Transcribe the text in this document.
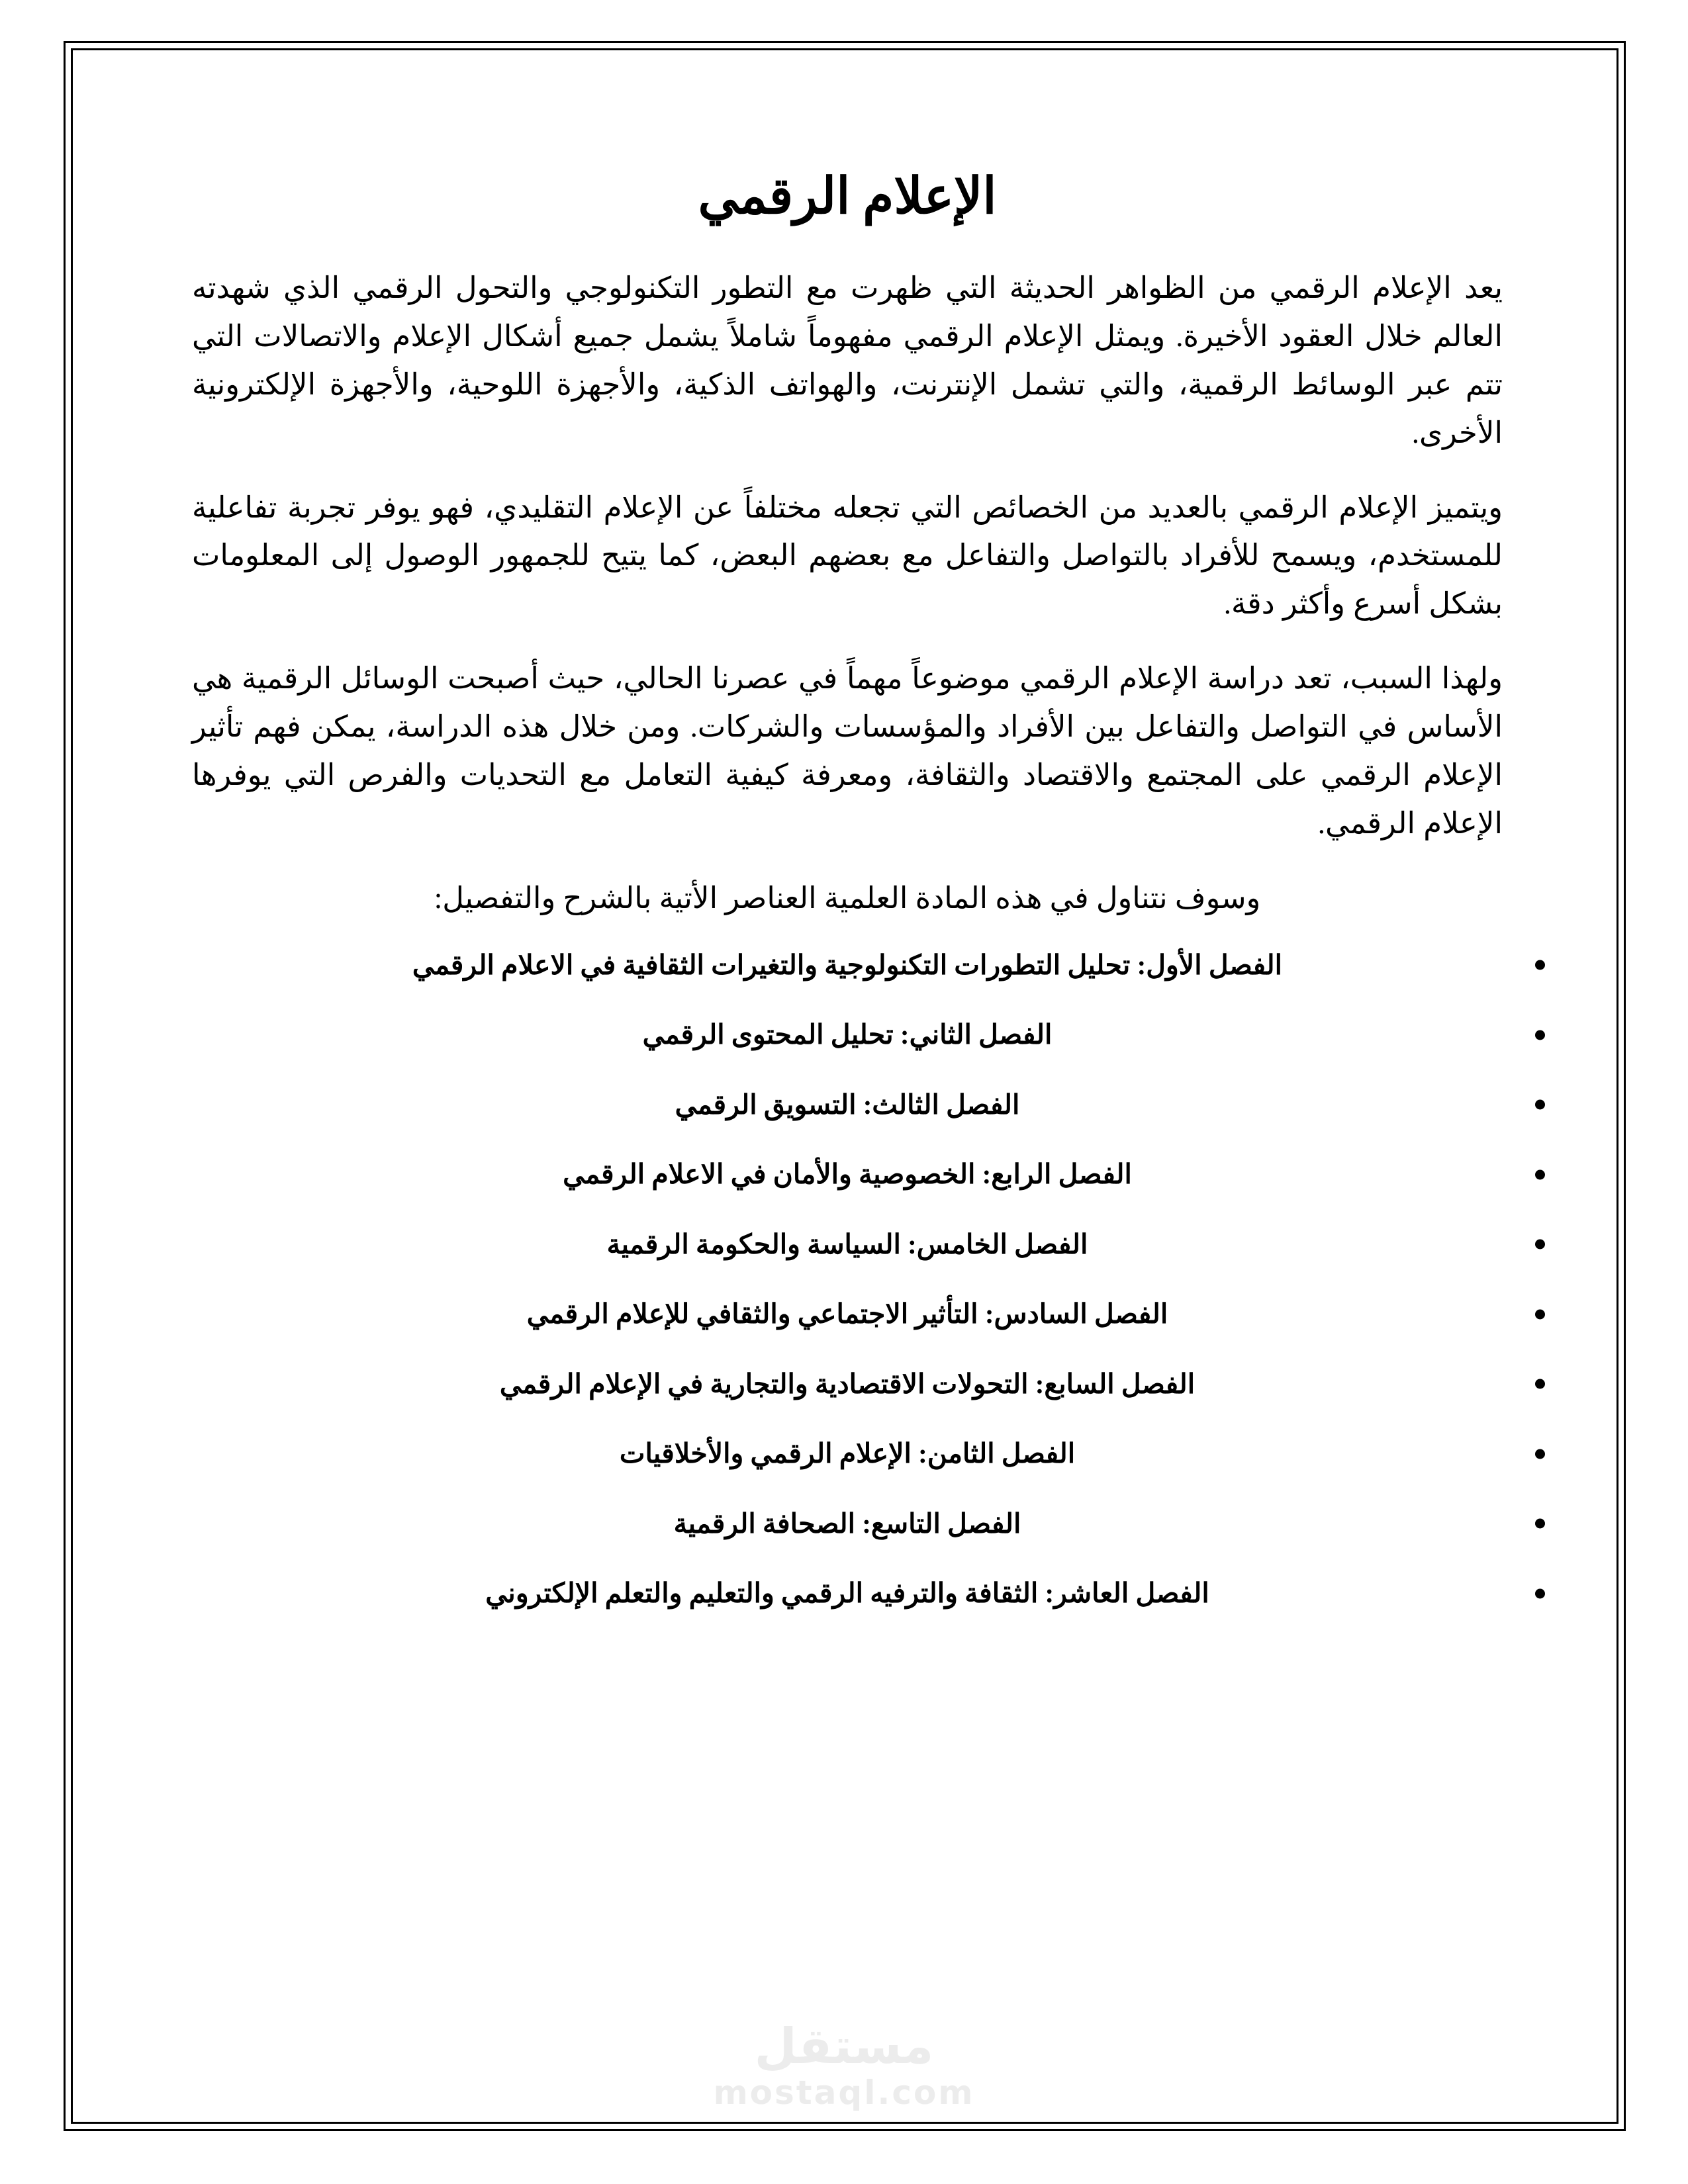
الإعلام الرقمي

يعد الإعلام الرقمي من الظواهر الحديثة التي ظهرت مع التطور التكنولوجي والتحول الرقمي الذي شهدته العالم خلال العقود الأخيرة. ويمثل الإعلام الرقمي مفهوماً شاملاً يشمل جميع أشكال الإعلام والاتصالات التي تتم عبر الوسائط الرقمية، والتي تشمل الإنترنت، والهواتف الذكية، والأجهزة اللوحية، والأجهزة الإلكترونية الأخرى.

ويتميز الإعلام الرقمي بالعديد من الخصائص التي تجعله مختلفاً عن الإعلام التقليدي، فهو يوفر تجربة تفاعلية للمستخدم، ويسمح للأفراد بالتواصل والتفاعل مع بعضهم البعض، كما يتيح للجمهور الوصول إلى المعلومات بشكل أسرع وأكثر دقة.

ولهذا السبب، تعد دراسة الإعلام الرقمي موضوعاً مهماً في عصرنا الحالي، حيث أصبحت الوسائل الرقمية هي الأساس في التواصل والتفاعل بين الأفراد والمؤسسات والشركات. ومن خلال هذه الدراسة، يمكن فهم تأثير الإعلام الرقمي على المجتمع والاقتصاد والثقافة، ومعرفة كيفية التعامل مع التحديات والفرص التي يوفرها الإعلام الرقمي.

وسوف نتناول في هذه المادة العلمية العناصر الأتية بالشرح والتفصيل:

الفصل الأول: تحليل التطورات التكنولوجية والتغيرات الثقافية في الاعلام الرقمي
الفصل الثاني: تحليل المحتوى الرقمي
الفصل الثالث: التسويق الرقمي
الفصل الرابع: الخصوصية والأمان في الاعلام الرقمي
الفصل الخامس: السياسة والحكومة الرقمية
الفصل السادس: التأثير الاجتماعي والثقافي للإعلام الرقمي
الفصل السابع: التحولات الاقتصادية والتجارية في الإعلام الرقمي
الفصل الثامن: الإعلام الرقمي والأخلاقيات
الفصل التاسع: الصحافة الرقمية
الفصل العاشر: الثقافة والترفيه الرقمي والتعليم والتعلم الإلكتروني
مستقل
mostaql.com
